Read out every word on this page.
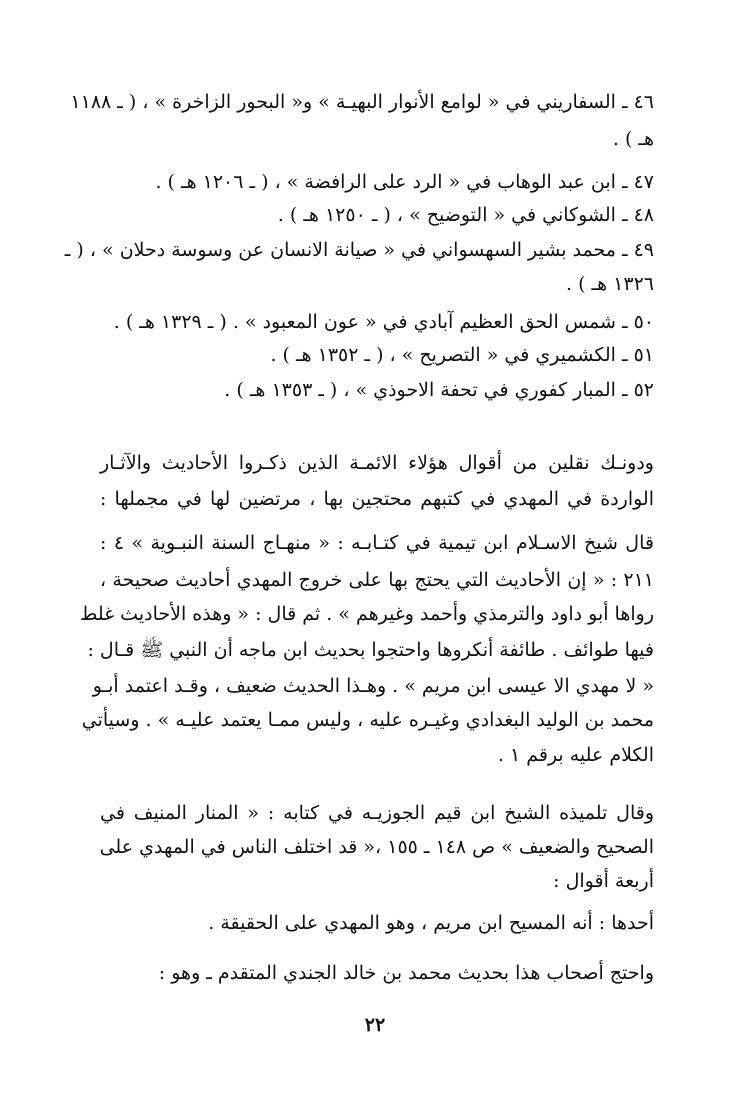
٤٦ ـ السفاريني في « لوامع الأنوار البهيـة » و« البحور الزاخرة » ، ( ـ ١١٨٨
هـ ) .
٤٧ ـ ابن عبد الوهاب في « الرد على الرافضة » ، ( ـ ١٢٠٦ هـ ) .
٤٨ ـ الشوكاني في « التوضيح » ، ( ـ ١٢٥٠ هـ ) .
٤٩ ـ محمد بشير السهسواني في « صيانة الانسان عن وسوسة دحلان » ، ( ـ
١٣٢٦ هـ ) .
٥٠ ـ شمس الحق العظيم آبادي في « عون المعبود » . ( ـ ١٣٢٩ هـ ) .
٥١ ـ الكشميري في « التصريح » ، ( ـ ١٣٥٢ هـ ) .
٥٢ ـ المبار كفوري في تحفة الاحوذي » ، ( ـ ١٣٥٣ هـ ) .
ودونـك نقلين من أقوال هؤلاء الائمـة الذين ذكـروا الأحاديث والآثـار
الواردة في المهدي في كتبهم محتجين بها ، مرتضين لها في مجملها :
قال شيخ الاسـلام ابن تيمية في كتـابـه : « منهـاج السنة النبـوية » ٤ :
٢١١ : « إن الأحاديث التي يحتج بها على خروج المهدي أحاديث صحيحة ،
رواها أبو داود والترمذي وأحمد وغيرهم » . ثم قال : « وهذه الأحاديث غلط
فيها طوائف . طائفة أنكروها واحتجوا بحديث ابن ماجه أن النبي ﷺ قـال :
« لا مهدي الا عيسى ابن مريم » . وهـذا الحديث ضعيف ، وقـد اعتمد أبـو
محمد بن الوليد البغدادي وغيـره عليه ، وليس ممـا يعتمد عليـه » . وسيأتي
الكلام عليه برقم ١ .
وقال تلميذه الشيخ ابن قيم الجوزيـه في كتابه : « المنار المنيف في
الصحيح والضعيف » ص ١٤٨ ـ ١٥٥ ،« قد اختلف الناس في المهدي على
أربعة أقوال :
أحدها : أنه المسيح ابن مريم ، وهو المهدي على الحقيقة .
واحتج أصحاب هذا بحديث محمد بن خالد الجندي المتقدم ـ وهو :
٢٢
